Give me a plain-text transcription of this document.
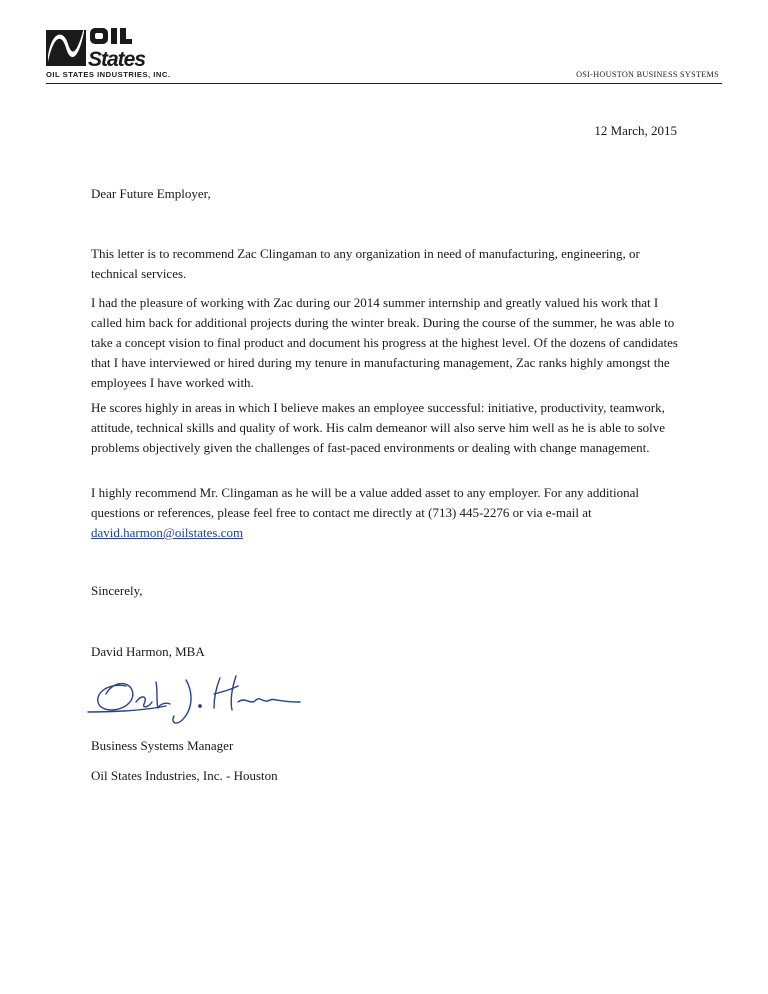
States
OIL STATES INDUSTRIES, INC.	OSI-HOUSTON BUSINESS SYSTEMS
12 March, 2015
Dear Future Employer,

This letter is to recommend Zac Clingaman to any organization in need of manufacturing, engineering, or technical services.

I had the pleasure of working with Zac during our 2014 summer internship and greatly valued his work that I called him back for additional projects during the winter break. During the course of the summer, he was able to take a concept vision to final product and document his progress at the highest level. Of the dozens of candidates that I have interviewed or hired during my tenure in manufacturing management, Zac ranks highly amongst the employees I have worked with.

He scores highly in areas in which I believe makes an employee successful: initiative, productivity, teamwork, attitude, technical skills and quality of work. His calm demeanor will also serve him well as he is able to solve problems objectively given the challenges of fast-paced environments or dealing with change management.

I highly recommend Mr. Clingaman as he will be a value added asset to any employer. For any additional questions or references, please feel free to contact me directly at (713) 445-2276 or via e-mail at david.harmon@oilstates.com

Sincerely,
David Harmon, MBA
Business Systems Manager
Oil States Industries, Inc. - Houston
